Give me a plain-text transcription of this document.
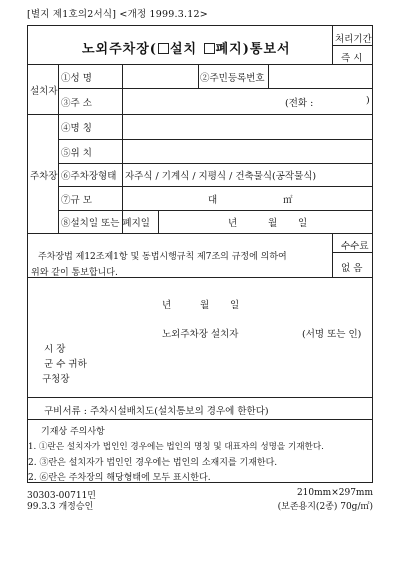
[별지 제1호의2서식] <개정 1999.3.12>
노외주차장( 설치 폐지)통보서
처리기간
즉 시
설치자
①성 명	②주민등록번호
③주 소	(전화 :	)
주차장
④명 칭
⑤위 치
⑥주차장형태 자주식 / 기계식 / 지평식 / 건축물식(공작물식)
⑦규 모	대	㎡
⑧설치일 또는 폐지일	년	월 일
수수료
없 음
주차장법 제12조제1항 및 동법시행규칙 제7조의 규정에 의하여
위와 같이 통보합니다.
년	월 일
노외주차장 설치자	(서명 또는 인)
시 장
군 수 귀하
구청장
구비서류 : 주차시설배치도(설치통보의 경우에 한한다)
기재상 주의사항
1. ①란은 설치자가 법인인 경우에는 법인의 명칭 및 대표자의 성명을 기재한다.
2. ③란은 설치자가 법인인 경우에는 법인의 소재지를 기재한다.
2. ⑥란은 주차장의 해당형태에 모두 표시한다.
30303-00711민
99.3.3 개정승인
210mm×297mm
(보존용지(2종) 70g/㎡)
